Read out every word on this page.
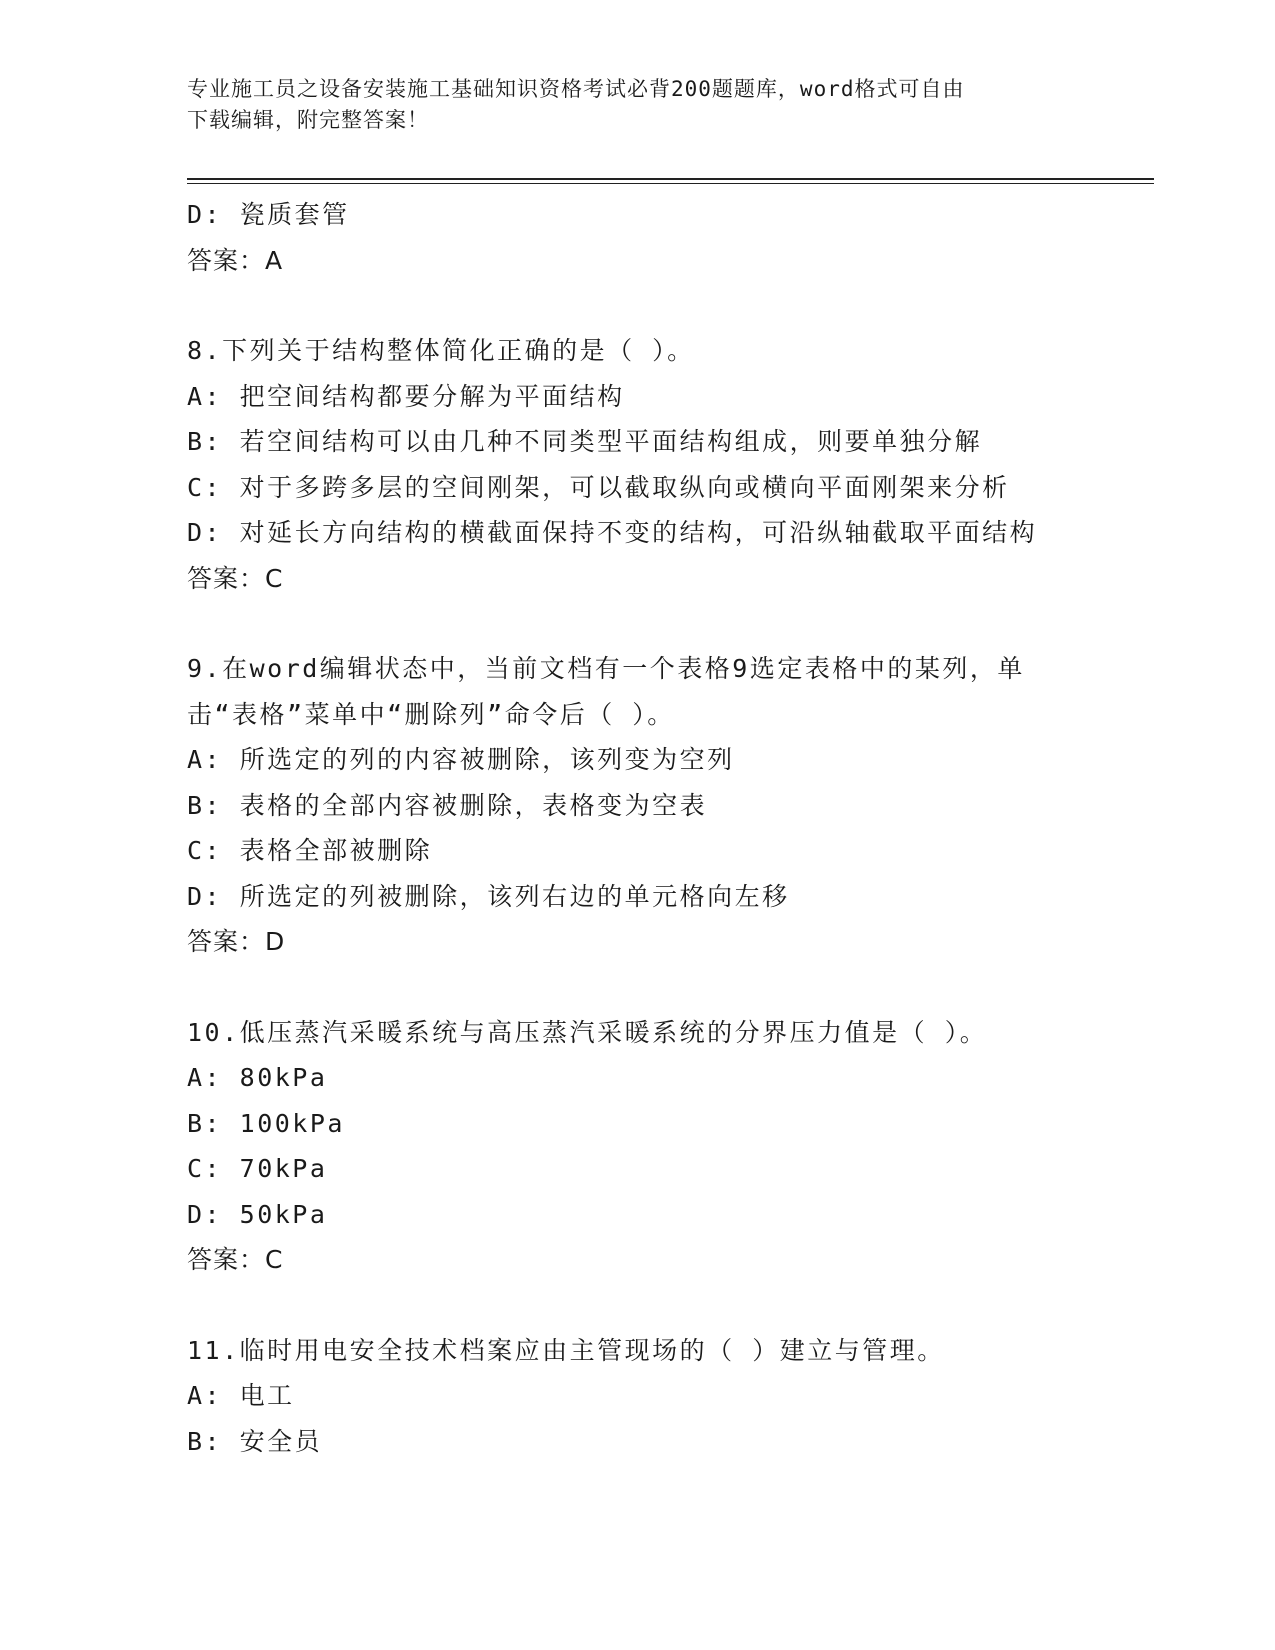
专业施工员之设备安装施工基础知识资格考试必背200题题库，word格式可自由
下载编辑，附完整答案！
D: 瓷质套管
答案：A
8.下列关于结构整体简化正确的是（ ）。
A: 把空间结构都要分解为平面结构
B: 若空间结构可以由几种不同类型平面结构组成，则要单独分解
C: 对于多跨多层的空间刚架，可以截取纵向或横向平面刚架来分析
D: 对延长方向结构的横截面保持不变的结构，可沿纵轴截取平面结构
答案：C
9.在word编辑状态中，当前文档有一个表格9选定表格中的某列，单
击“表格”菜单中“删除列”命令后（ ）。
A: 所选定的列的内容被删除，该列变为空列
B: 表格的全部内容被删除，表格变为空表
C: 表格全部被删除
D: 所选定的列被删除，该列右边的单元格向左移
答案：D
10.低压蒸汽采暖系统与高压蒸汽采暖系统的分界压力值是（ ）。
A: 80kPa
B: 100kPa
C: 70kPa
D: 50kPa
答案：C
11.临时用电安全技术档案应由主管现场的（ ）建立与管理。
A: 电工
B: 安全员
